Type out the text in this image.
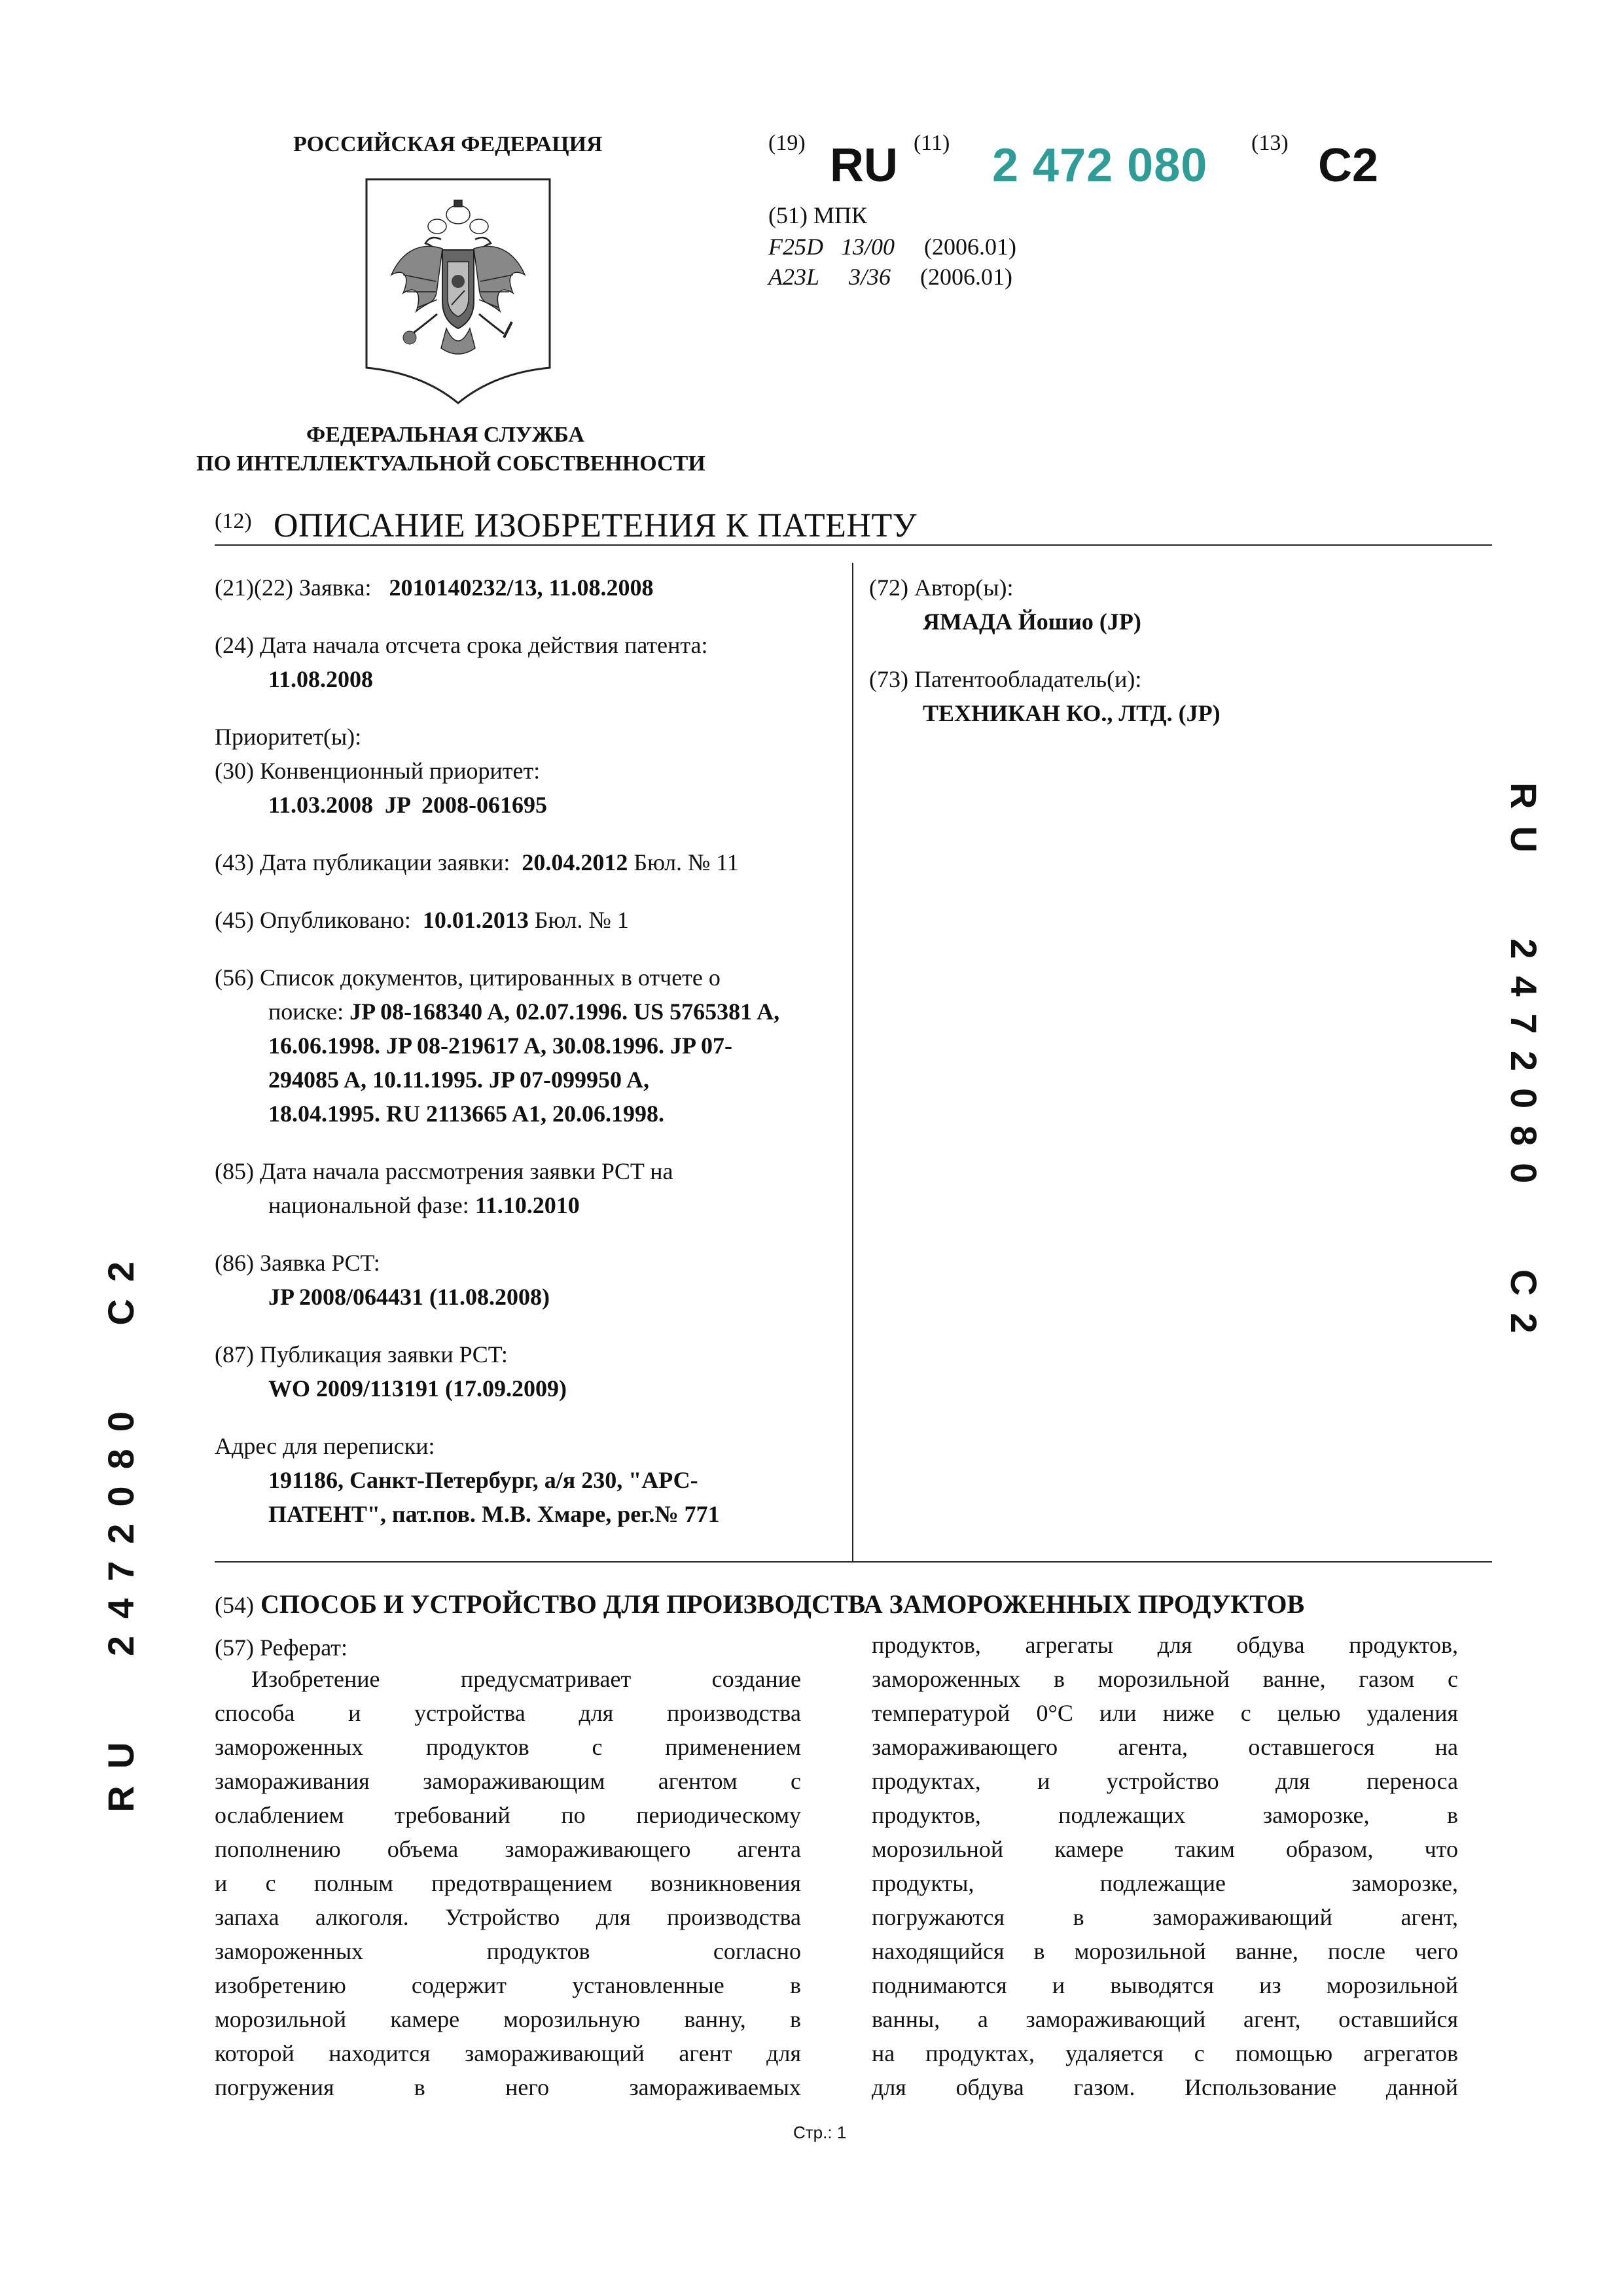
РОССИЙСКАЯ ФЕДЕРАЦИЯ
ФЕДЕРАЛЬНАЯ СЛУЖБА
ПО ИНТЕЛЛЕКТУАЛЬНОЙ СОБСТВЕННОСТИ
(19) RU (11) 2 472 080 (13) C2
(51) МПК
F25D 13/00 (2006.01)
A23L 3/36 (2006.01)
(12) ОПИСАНИЕ ИЗОБРЕТЕНИЯ К ПАТЕНТУ
(21)(22) Заявка: 2010140232/13, 11.08.2008
(24) Дата начала отсчета срока действия патента:
11.08.2008
Приоритет(ы):
(30) Конвенционный приоритет:
11.03.2008  JP  2008-061695
(43) Дата публикации заявки: 20.04.2012 Бюл. № 11
(45) Опубликовано: 10.01.2013 Бюл. № 1
(56) Список документов, цитированных в отчете о
поиске: JP 08-168340 A, 02.07.1996. US 5765381 A,
16.06.1998. JP 08-219617 A, 30.08.1996. JP 07-
294085 A, 10.11.1995. JP 07-099950 A,
18.04.1995. RU 2113665 A1, 20.06.1998.
(85) Дата начала рассмотрения заявки PCT на
национальной фазе: 11.10.2010
(86) Заявка PCT:
JP 2008/064431 (11.08.2008)
(87) Публикация заявки PCT:
WO 2009/113191 (17.09.2009)
Адрес для переписки:
191186, Санкт-Петербург, а/я 230, "АРС-
ПАТЕНТ", пат.пов. М.В. Хмаре, рег.№ 771
(72) Автор(ы):
ЯМАДА Йошио (JP)
(73) Патентообладатель(и):
ТЕХНИКАН КО., ЛТД. (JP)
(54) СПОСОБ И УСТРОЙСТВО ДЛЯ ПРОИЗВОДСТВА ЗАМОРОЖЕННЫХ ПРОДУКТОВ
(57) Реферат:

Изобретение предусматривает создание

способа и устройства для производства

замороженных продуктов с применением

замораживания замораживающим агентом с

ослаблением требований по периодическому

пополнению объема замораживающего агента

и с полным предотвращением возникновения

запаха алкоголя. Устройство для производства

замороженных продуктов согласно

изобретению содержит установленные в

морозильной камере морозильную ванну, в

которой находится замораживающий агент для

погружения в него замораживаемых

продуктов, агрегаты для обдува продуктов,

замороженных в морозильной ванне, газом с

температурой 0°C или ниже с целью удаления

замораживающего агента, оставшегося на

продуктах, и устройство для переноса

продуктов, подлежащих заморозке, в

морозильной камере таким образом, что

продукты, подлежащие заморозке,

погружаются в замораживающий агент,

находящийся в морозильной ванне, после чего

поднимаются и выводятся из морозильной

ванны, а замораживающий агент, оставшийся

на продуктах, удаляется с помощью агрегатов

для обдува газом. Использование данной

RU 2472080 C2
RU 2472080 C2
Стр.: 1
